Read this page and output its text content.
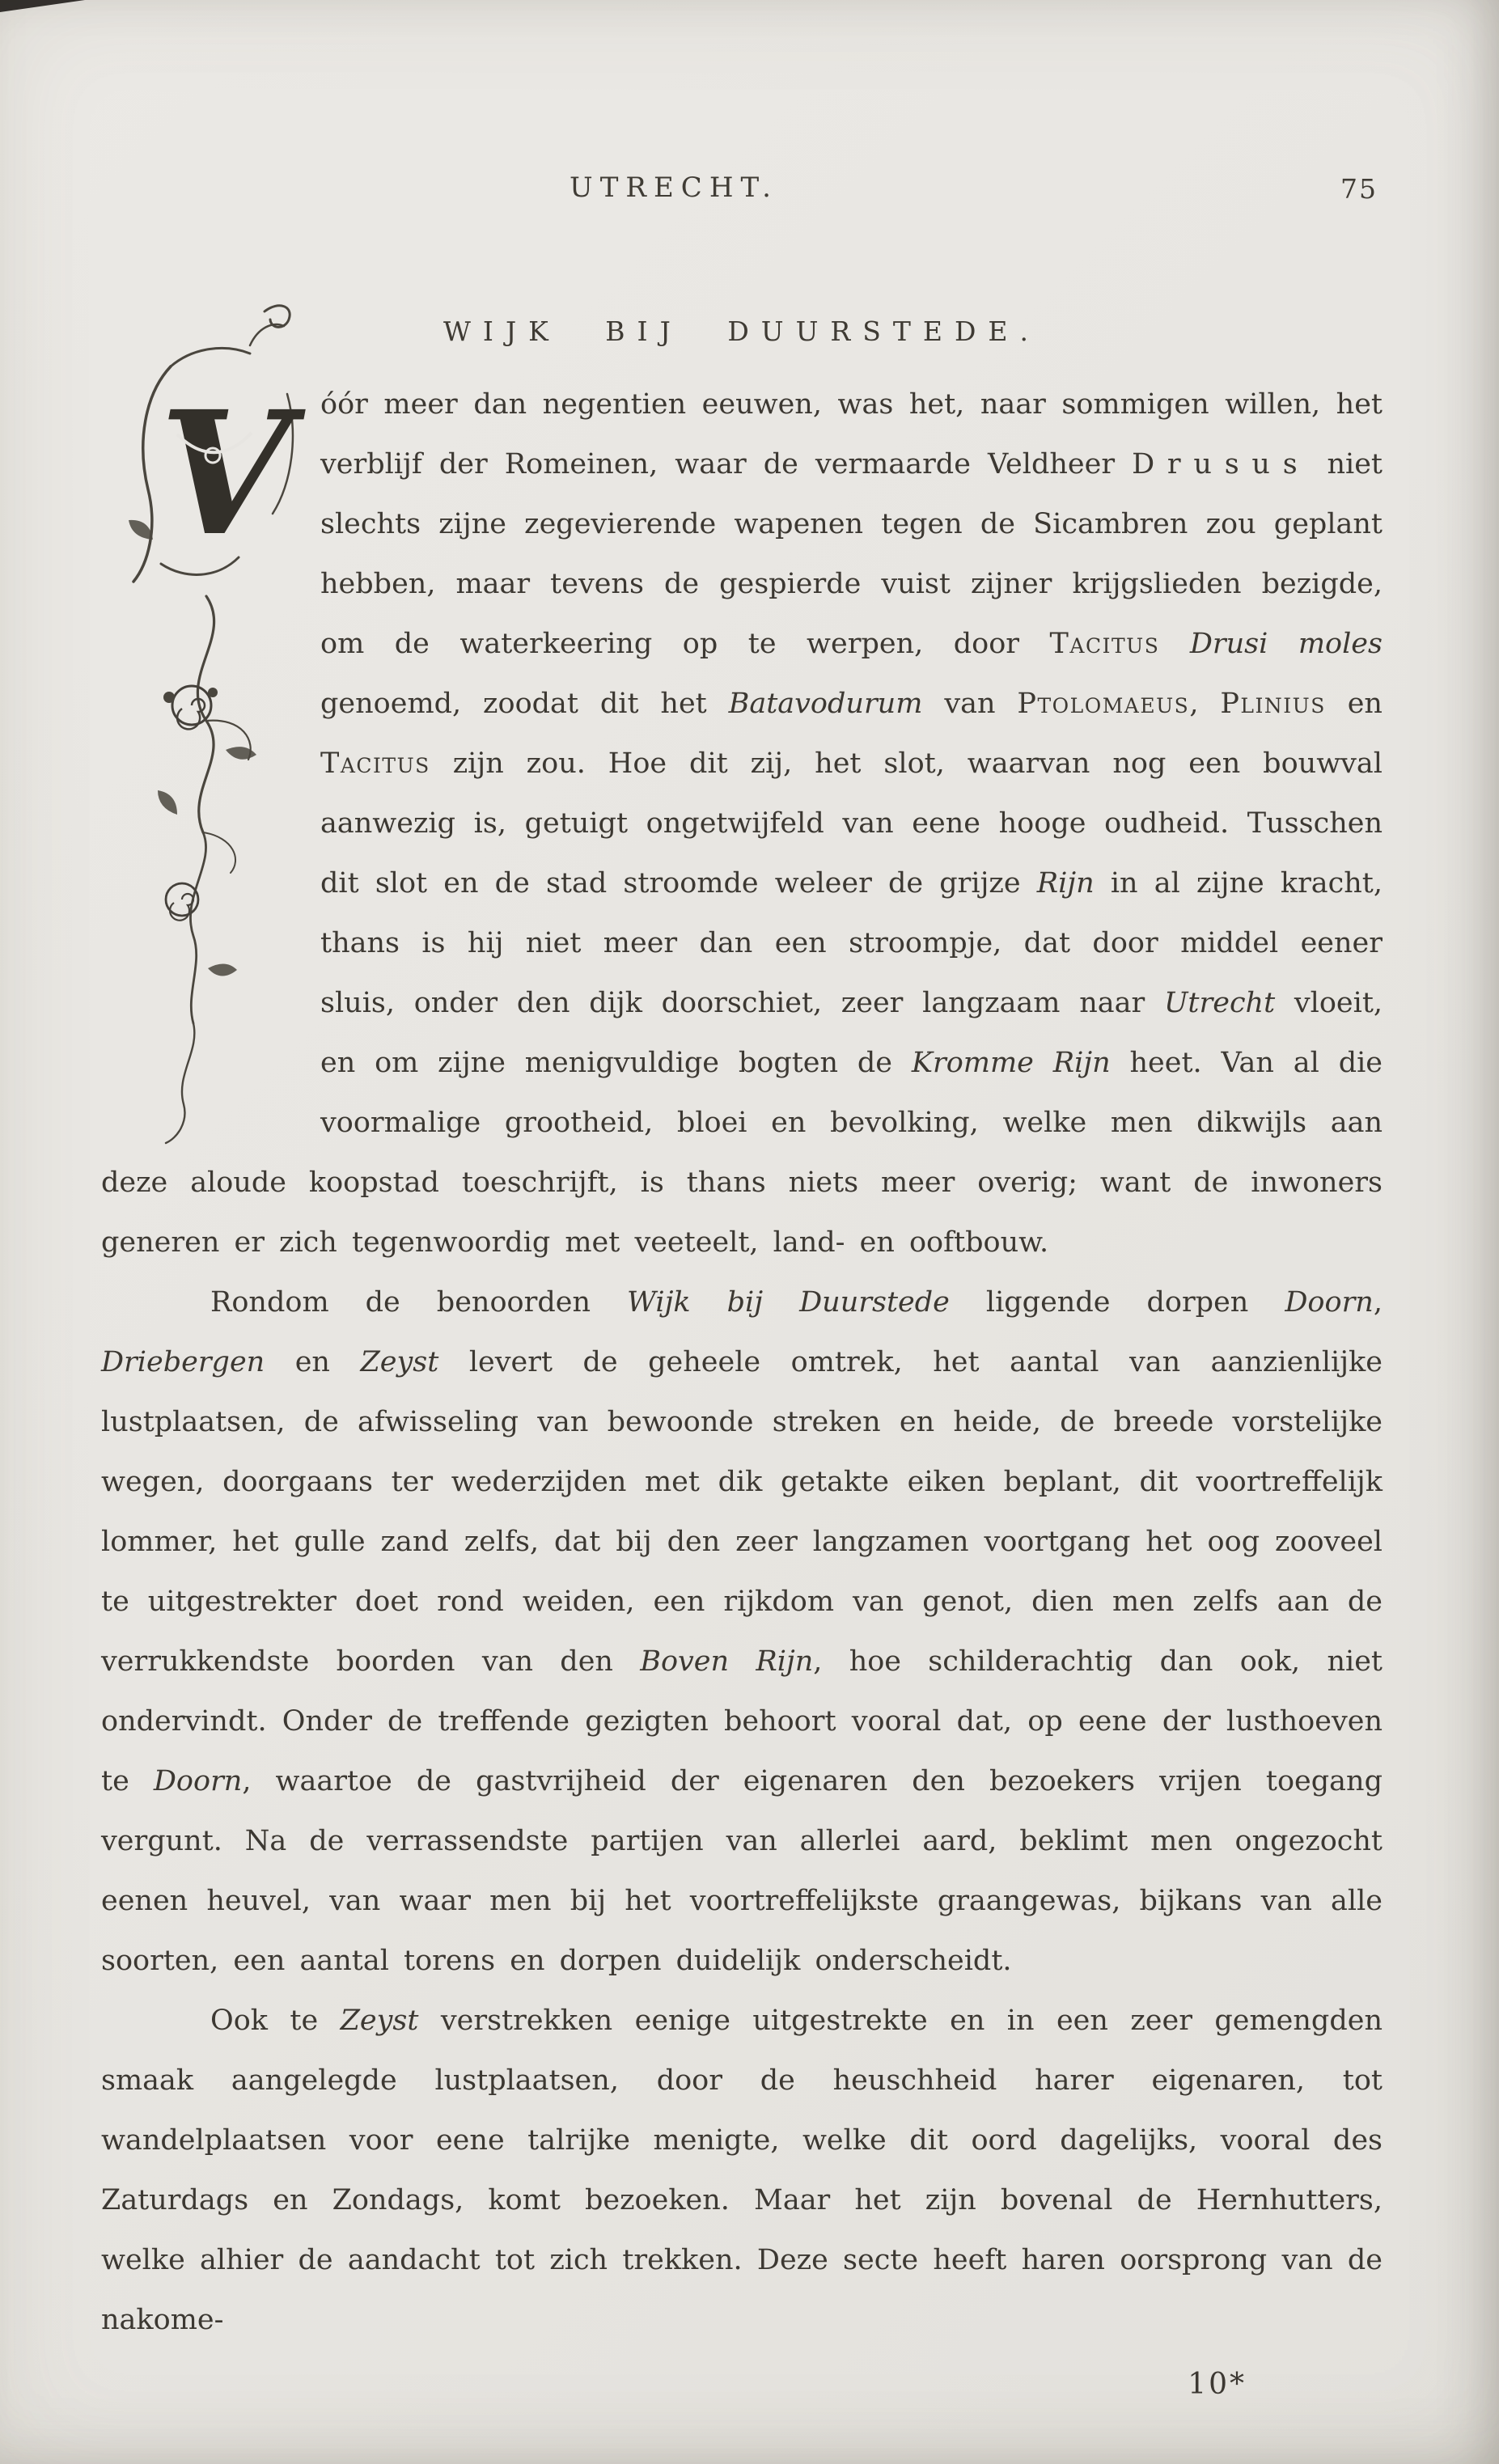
UTRECHT.	75
WIJK BIJ DUURSTEDE.
V	óór meer dan negentien eeuwen, was het, naar sommigen willen, het verblijf der Romeinen, waar de vermaarde Veldheer Drusus niet slechts zijne zegevierende wapenen tegen de Sicambren zou geplant hebben, maar tevens de gespierde vuist zijner krijgslieden bezigde, om de waterkeering op te werpen, door Tacitus Drusi moles genoemd, zoodat dit het Batavodurum van Ptolomaeus, Plinius en Tacitus zijn zou. Hoe dit zij, het slot, waarvan nog een bouwval aanwezig is, getuigt ongetwijfeld van eene hooge oudheid. Tusschen dit slot en de stad stroomde weleer de grijze Rijn in al zijne kracht, thans is hij niet meer dan een stroompje, dat door middel eener sluis, onder den dijk doorschiet, zeer langzaam naar Utrecht vloeit, en om zijne menigvuldige bogten de Kromme Rijn heet. Van al die voormalige grootheid, bloei en bevolking, welke men dikwijls aan deze aloude koopstad toeschrijft, is thans niets meer overig; want de inwoners generen er zich tegenwoordig met veeteelt, land- en ooftbouw.

Rondom de benoorden Wijk bij Duurstede liggende dorpen Doorn, Driebergen en Zeyst levert de geheele omtrek, het aantal van aanzienlijke lustplaatsen, de afwisseling van bewoonde streken en heide, de breede vorstelijke wegen, doorgaans ter wederzijden met dik getakte eiken beplant, dit voortreffelijk lommer, het gulle zand zelfs, dat bij den zeer langzamen voortgang het oog zooveel te uitgestrekter doet rond weiden, een rijkdom van genot, dien men zelfs aan de verrukkendste boorden van den Boven Rijn, hoe schilderachtig dan ook, niet ondervindt. Onder de treffende gezigten behoort vooral dat, op eene der lusthoeven te Doorn, waartoe de gastvrijheid der eigenaren den bezoekers vrijen toegang vergunt. Na de verrassendste partijen van allerlei aard, beklimt men ongezocht eenen heuvel, van waar men bij het voortreffelijkste graangewas, bijkans van alle soorten, een aantal torens en dorpen duidelijk onderscheidt.

Ook te Zeyst verstrekken eenige uitgestrekte en in een zeer gemengden smaak aangelegde lustplaatsen, door de heuschheid harer eigenaren, tot wandelplaatsen voor eene talrijke menigte, welke dit oord dagelijks, vooral des Zaturdags en Zondags, komt bezoeken. Maar het zijn bovenal de Hernhutters, welke alhier de aandacht tot zich trekken. Deze secte heeft haren oorsprong van de nakome-

10*
